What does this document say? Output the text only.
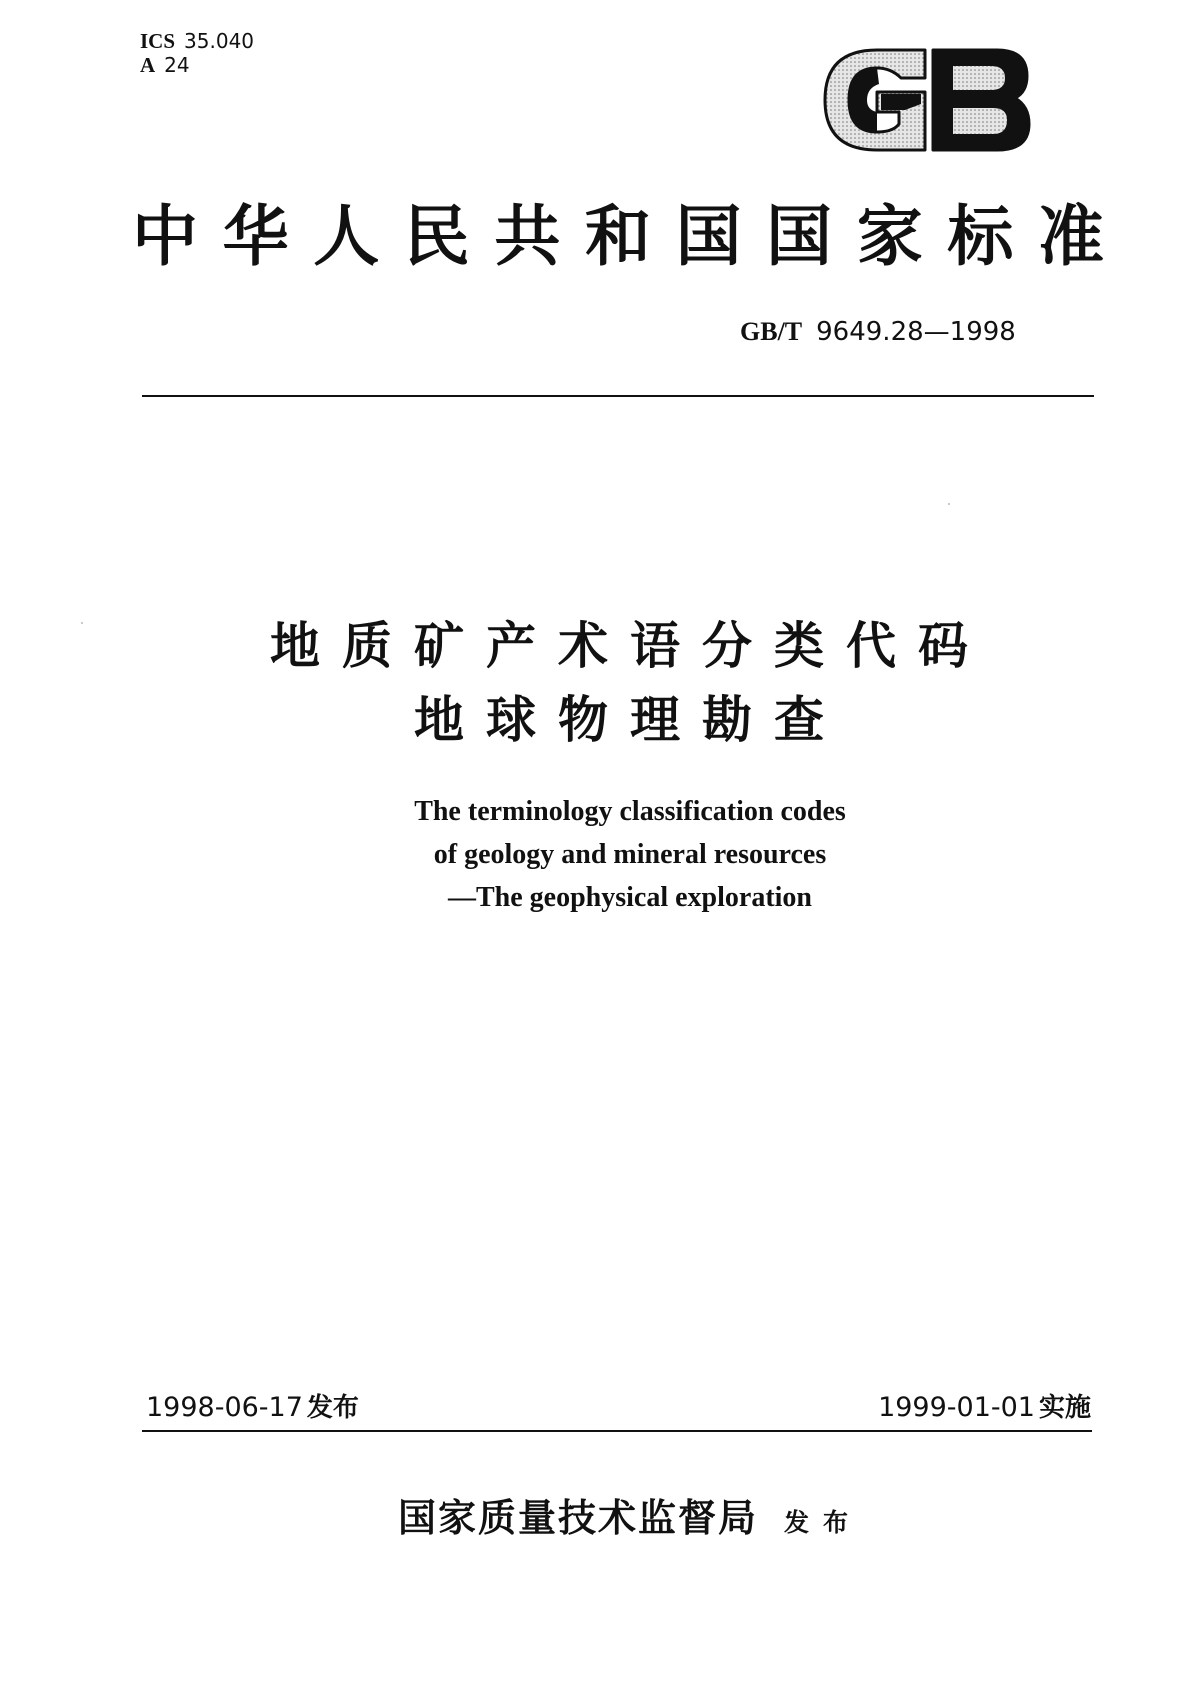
ICS 35.040
A 24
中 华 人 民 共 和 国 国 家 标 准
GB/T 9649.28—1998
地质矿产术语分类代码
地球物理勘查
The terminology classification codes
of geology and mineral resources
—The geophysical exploration
1998-06-17 发布	1999-01-01 实施
国家质量技术监督局 发布
